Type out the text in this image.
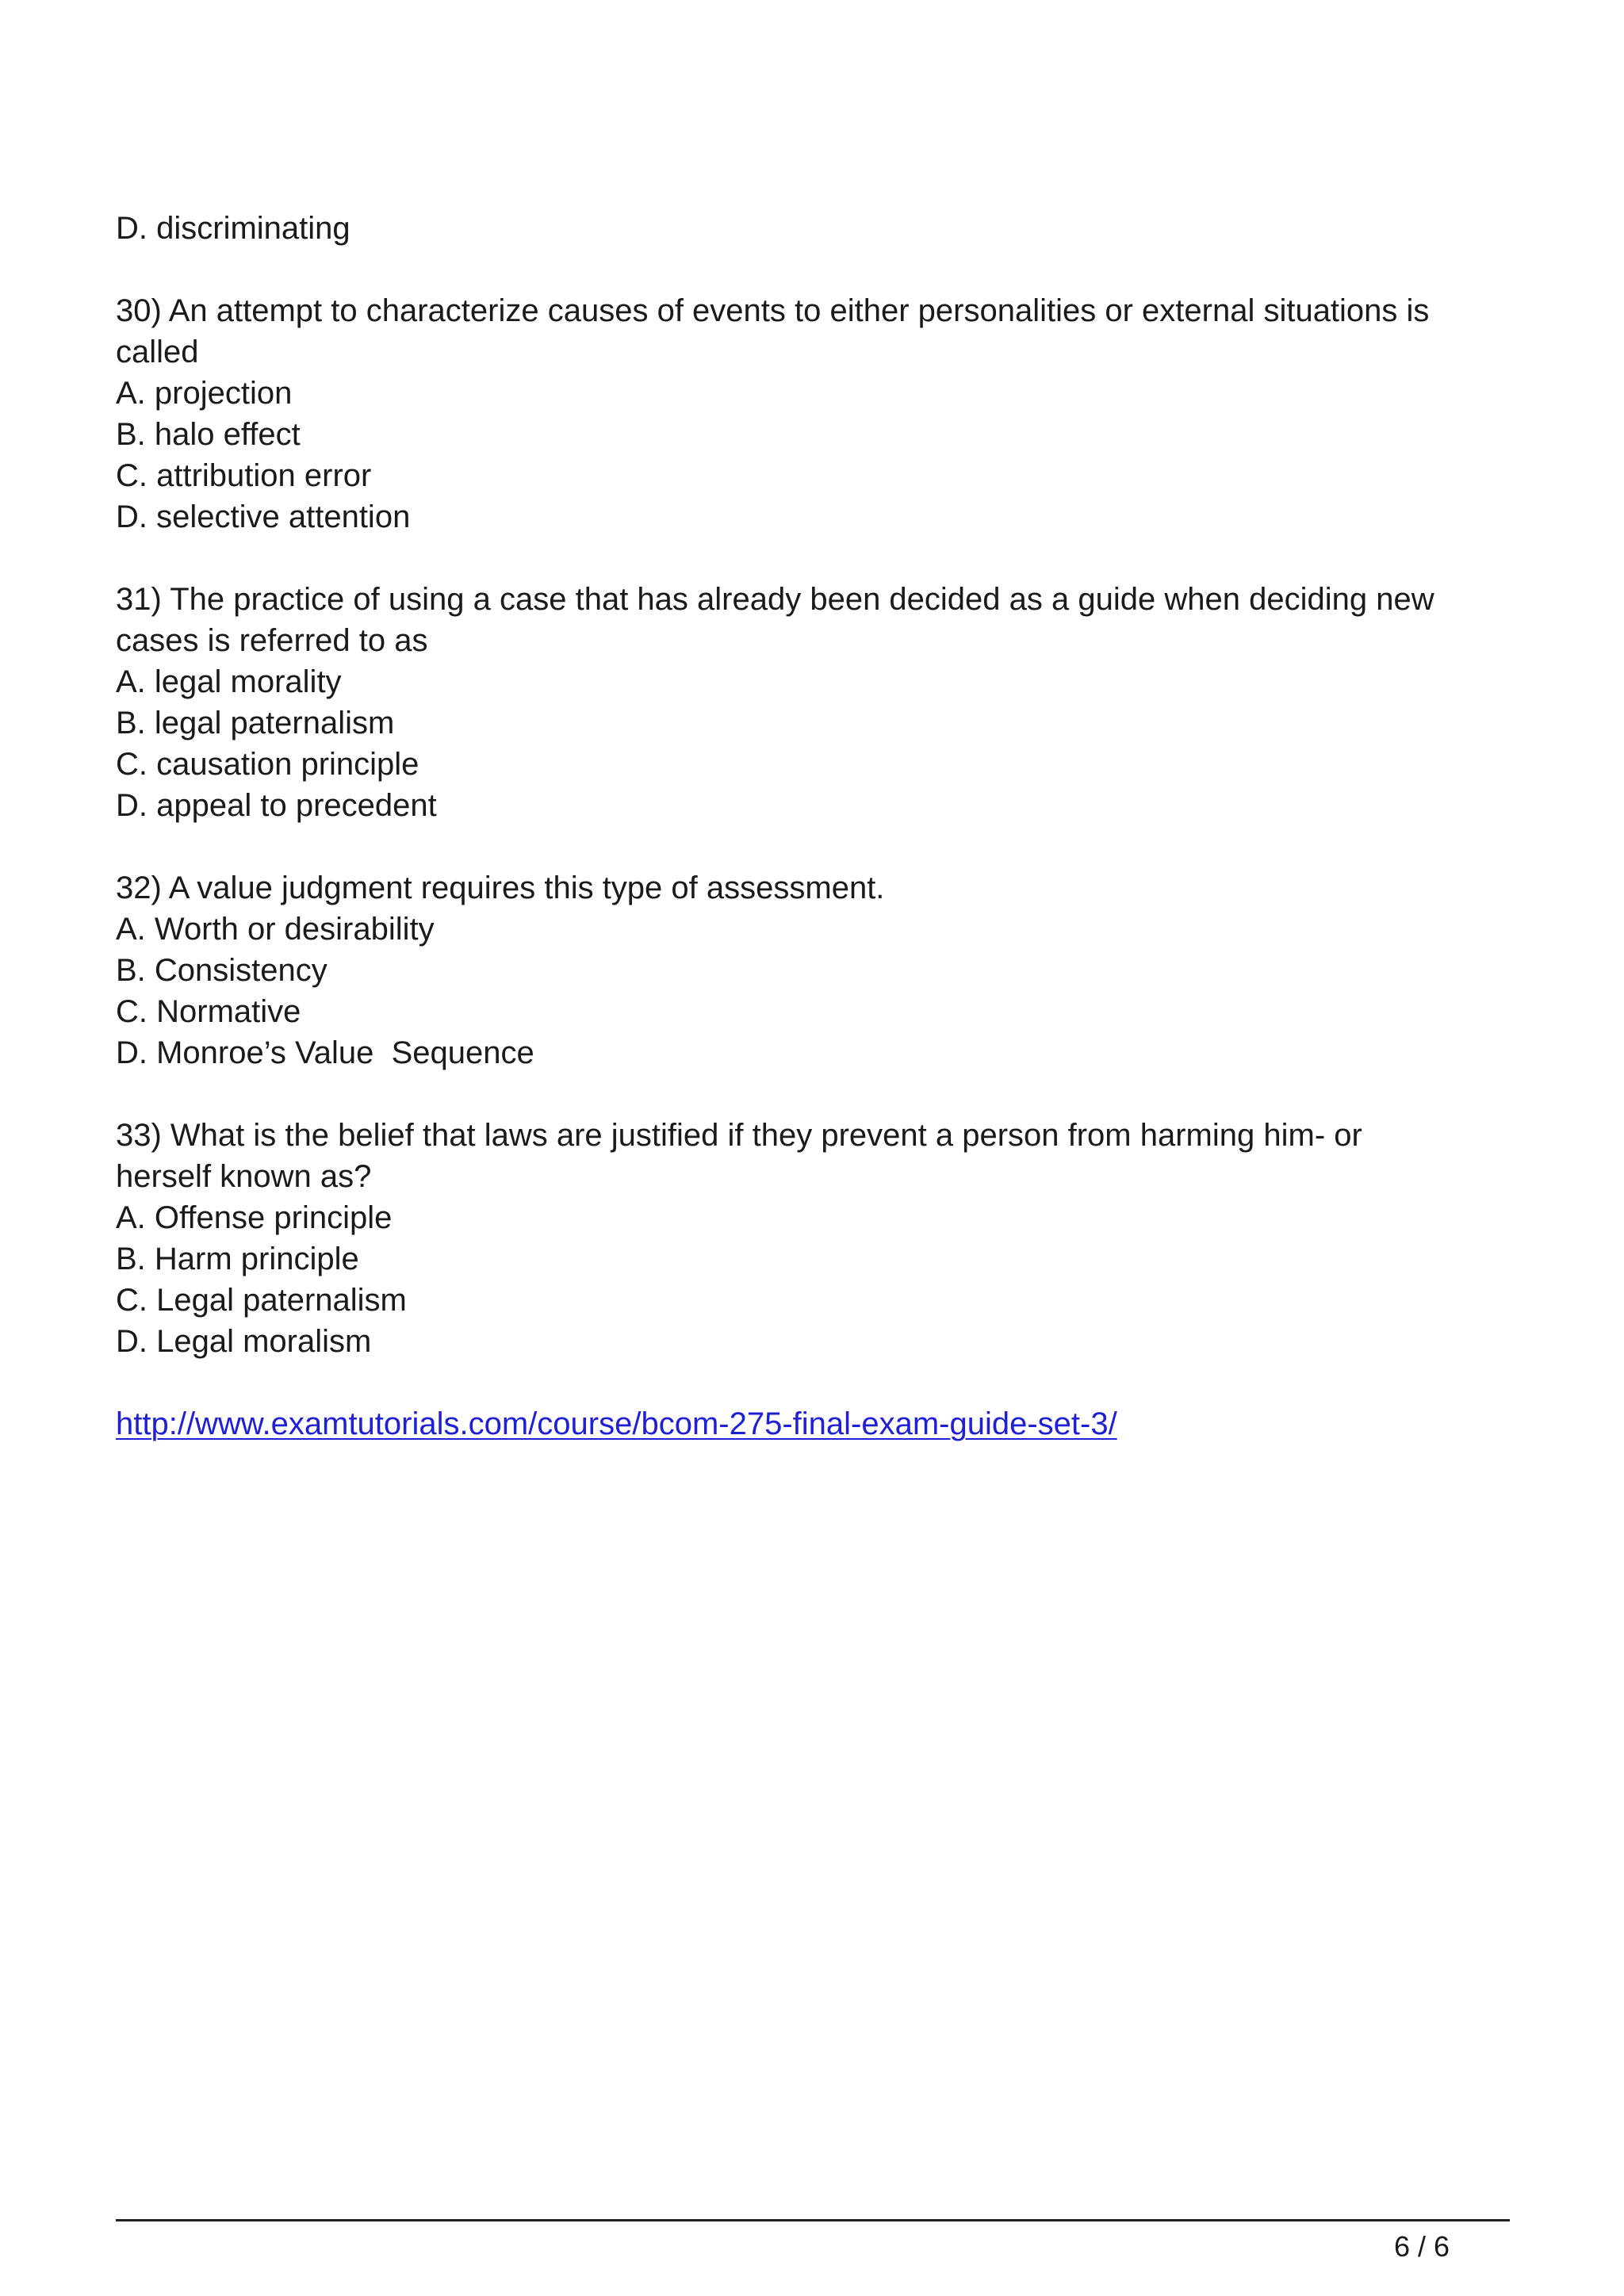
D. discriminating
30) An attempt to characterize causes of events to either personalities or external situations is
called
A. projection
B. halo effect
C. attribution error
D. selective attention
31) The practice of using a case that has already been decided as a guide when deciding new
cases is referred to as
A. legal morality
B. legal paternalism
C. causation principle
D. appeal to precedent
32) A value judgment requires this type of assessment.
A. Worth or desirability
B. Consistency
C. Normative
D. Monroe’s Value  Sequence
33) What is the belief that laws are justified if they prevent a person from harming him- or
herself known as?
A. Offense principle
B. Harm principle
C. Legal paternalism
D. Legal moralism
http://www.examtutorials.com/course/bcom-275-final-exam-guide-set-3/
6 / 6
